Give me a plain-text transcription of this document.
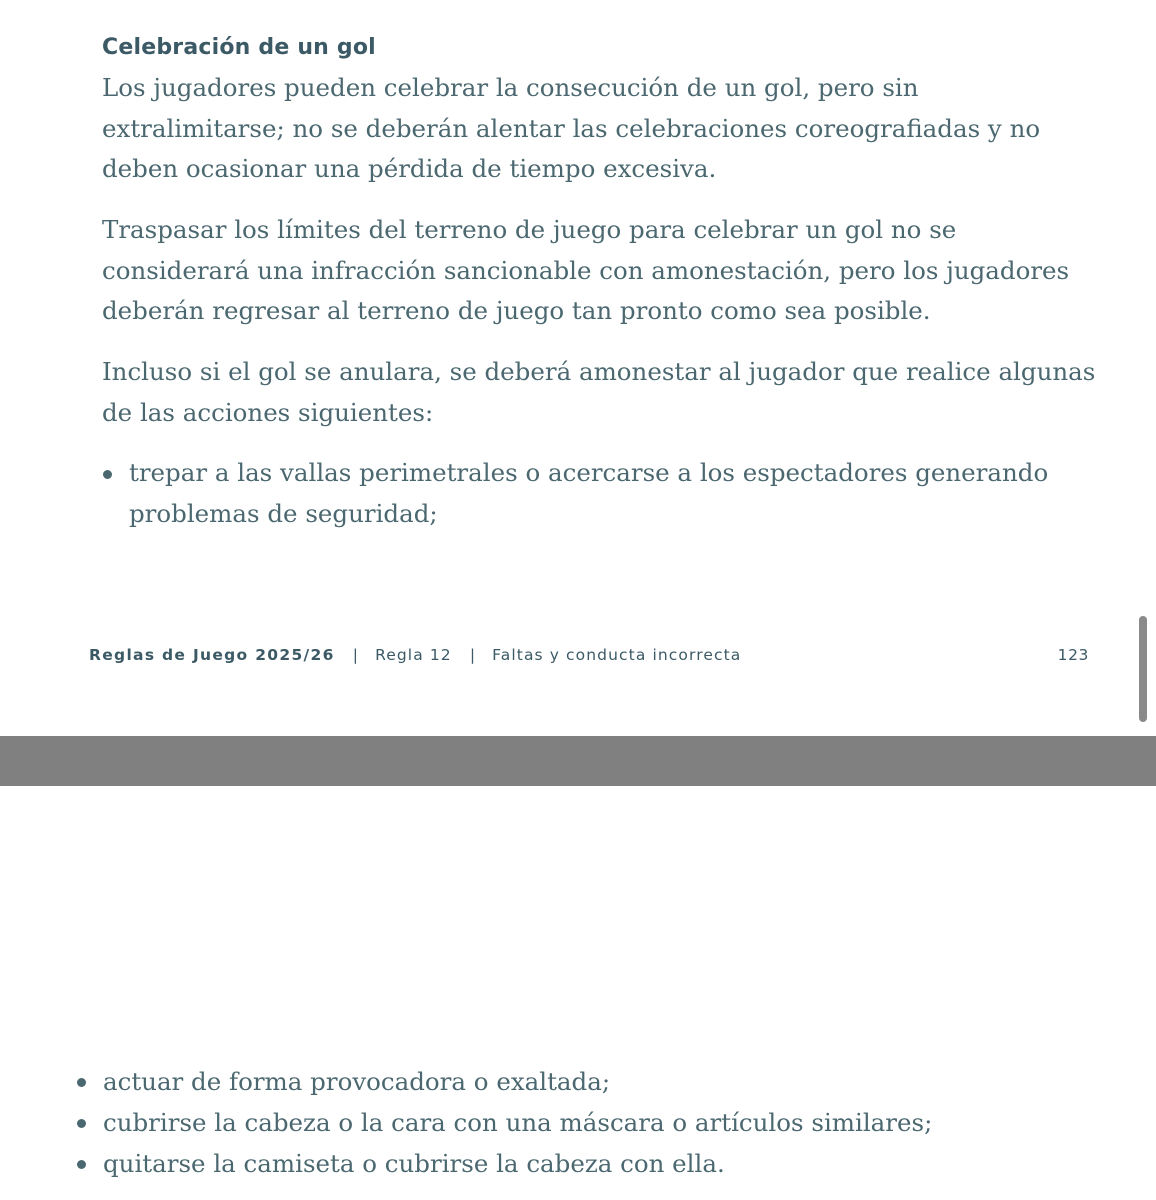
Celebración de un gol

Los jugadores pueden celebrar la consecución de un gol, pero sin
extralimitarse; no se deberán alentar las celebraciones coreografiadas y no
deben ocasionar una pérdida de tiempo excesiva.

Traspasar los límites del terreno de juego para celebrar un gol no se
considerará una infracción sancionable con amonestación, pero los jugadores
deberán regresar al terreno de juego tan pronto como sea posible.

Incluso si el gol se anulara, se deberá amonestar al jugador que realice algunas
de las acciones siguientes:

trepar a las vallas perimetrales o acercarse a los espectadores generando
problemas de seguridad;
Reglas de Juego 2025/26 | Regla 12 | Faltas y conducta incorrecta	123
actuar de forma provocadora o exaltada;
cubrirse la cabeza o la cara con una máscara o artículos similares;
quitarse la camiseta o cubrirse la cabeza con ella.
